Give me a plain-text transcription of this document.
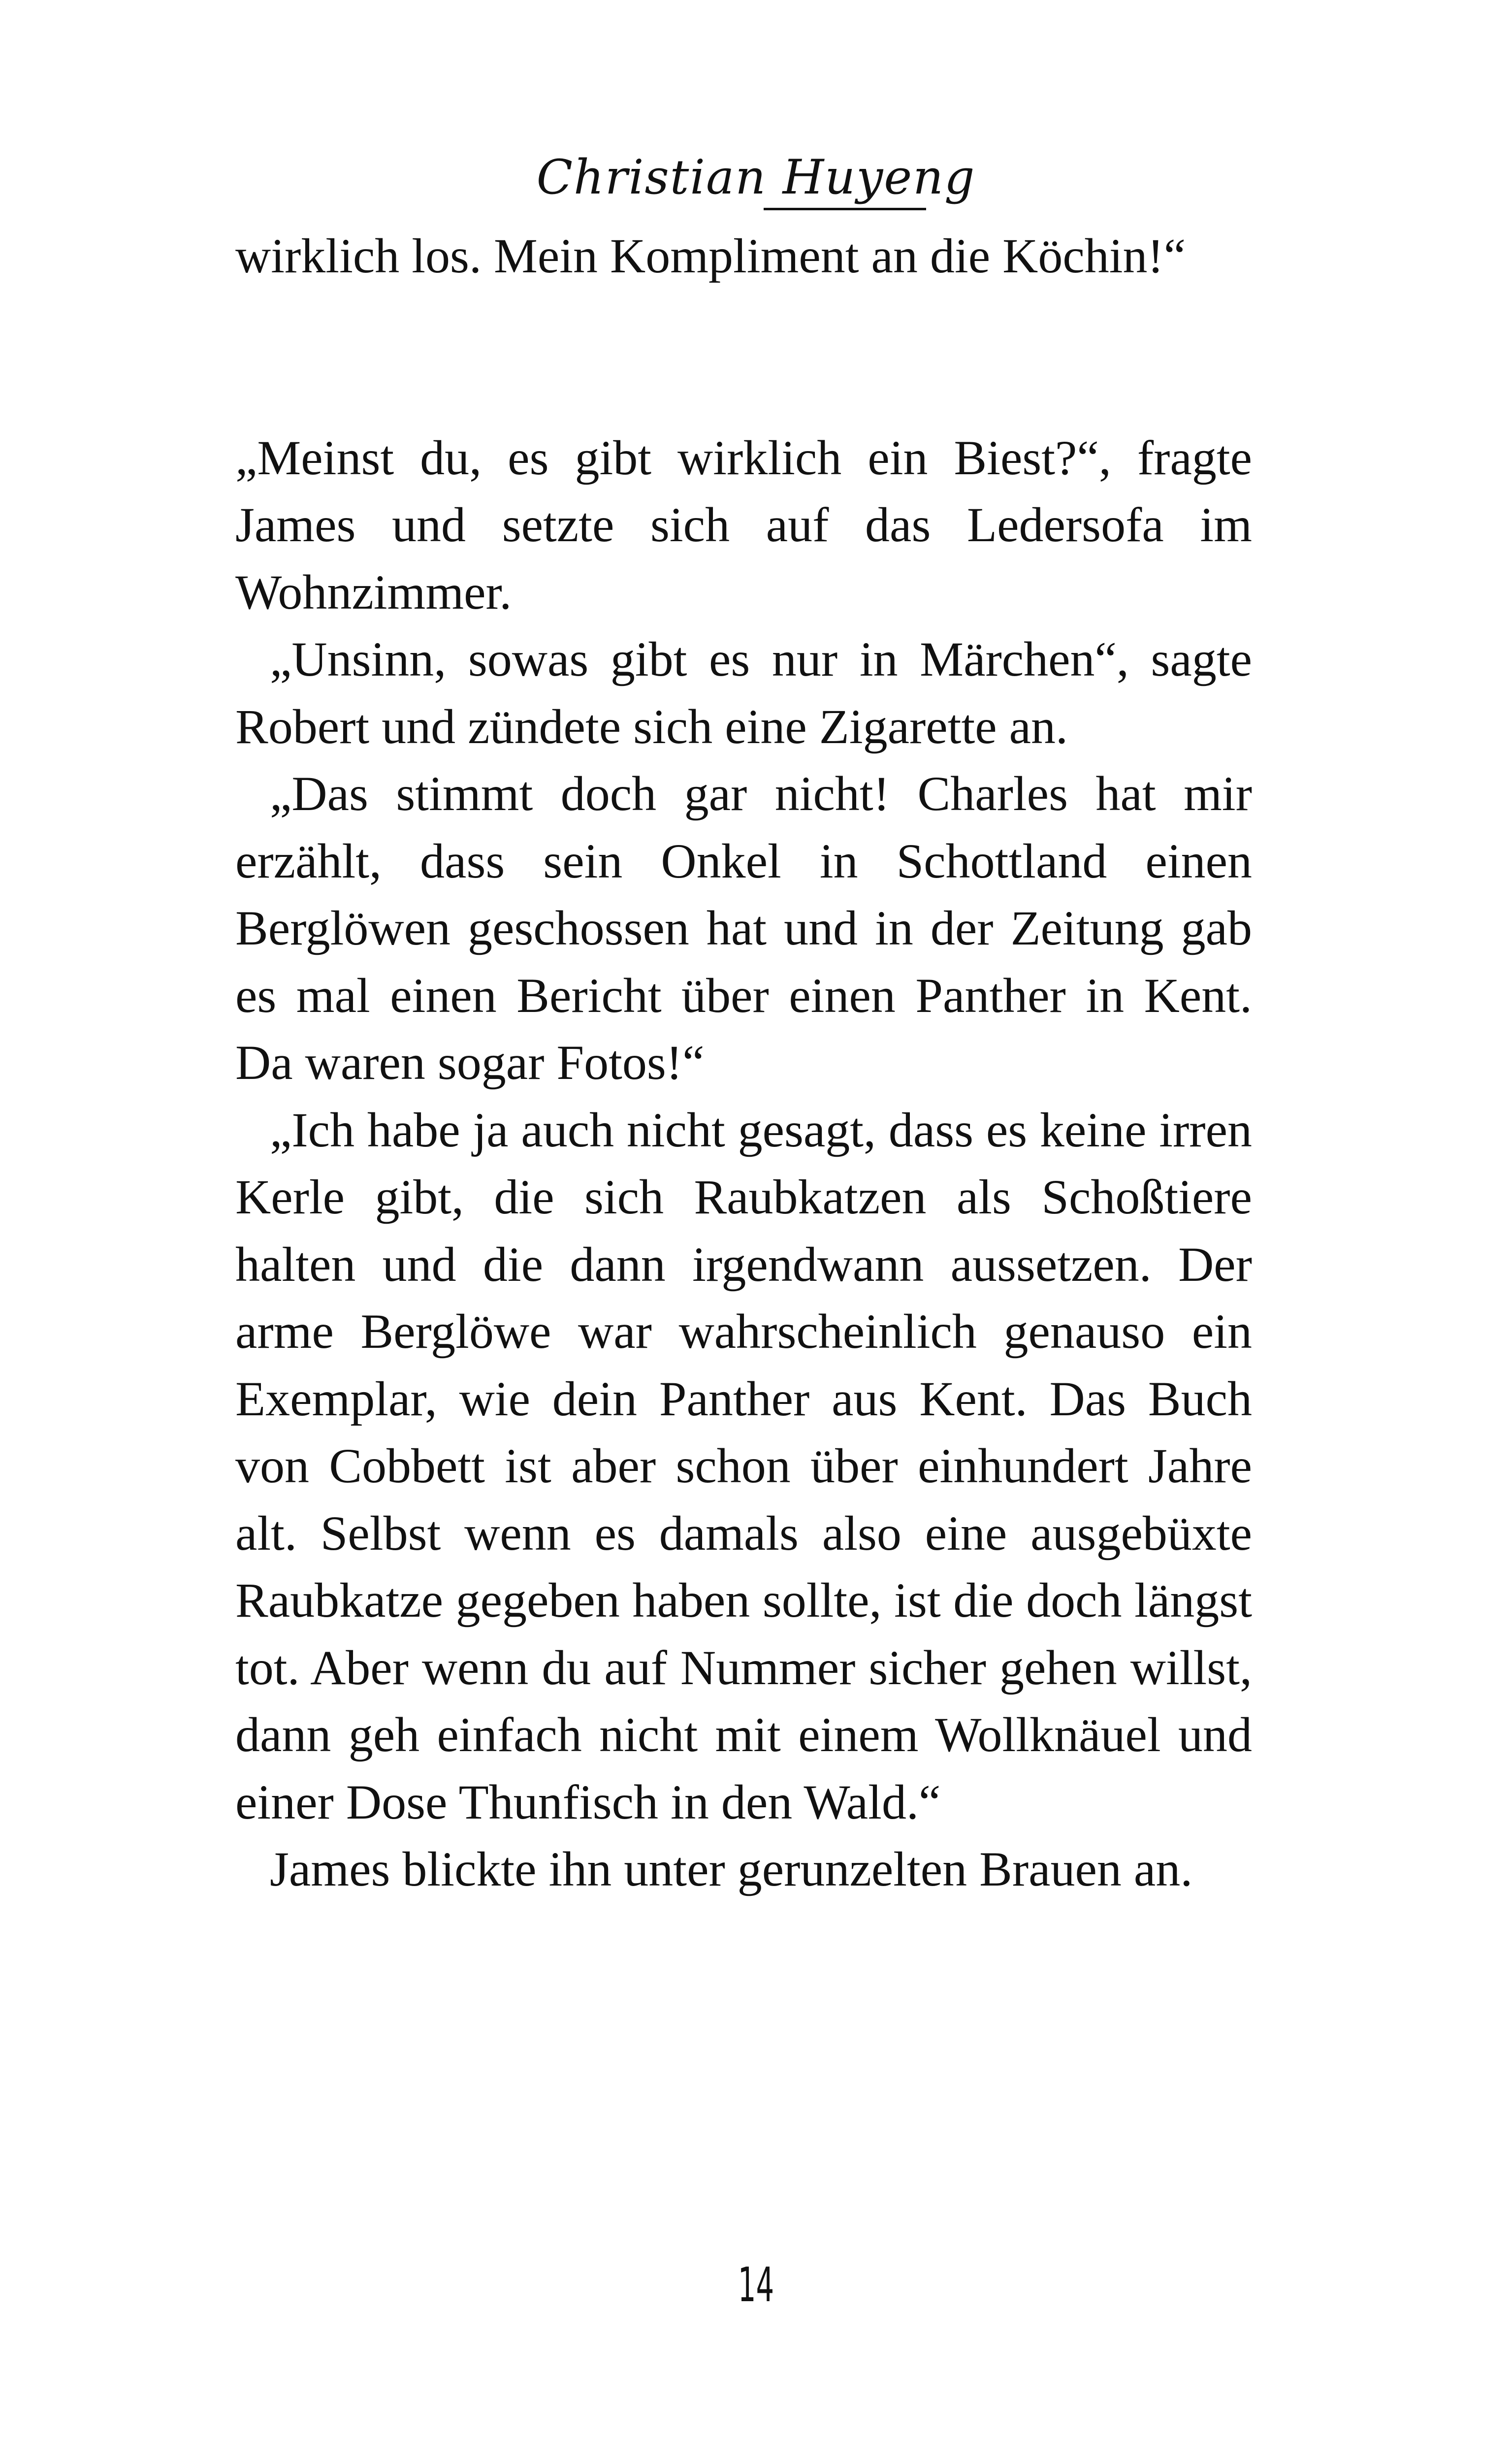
Christian Huyeng

wirklich los. Mein Kompliment an die Köchin!“

„Meinst du, es gibt wirklich ein Biest?“, fragte James und setzte sich auf das Ledersofa im Wohnzimmer.

„Unsinn, sowas gibt es nur in Märchen“, sagte Robert und zündete sich eine Zigarette an.

„Das stimmt doch gar nicht! Charles hat mir erzählt, dass sein Onkel in Schottland einen Berglöwen geschossen hat und in der Zeitung gab es mal einen Bericht über einen Panther in Kent. Da waren sogar Fotos!“

„Ich habe ja auch nicht gesagt, dass es keine irren Kerle gibt, die sich Raubkatzen als Schoßtiere halten und die dann irgendwann aussetzen. Der arme Berglöwe war wahrscheinlich genauso ein Exemplar, wie dein Panther aus Kent. Das Buch von Cobbett ist aber schon über einhundert Jahre alt. Selbst wenn es damals also eine ausgebüxte Raubkatze gegeben haben sollte, ist die doch längst tot. Aber wenn du auf Nummer sicher gehen willst, dann geh einfach nicht mit einem Wollknäuel und einer Dose Thunfisch in den Wald.“

James blickte ihn unter gerunzelten Brauen an.

14
